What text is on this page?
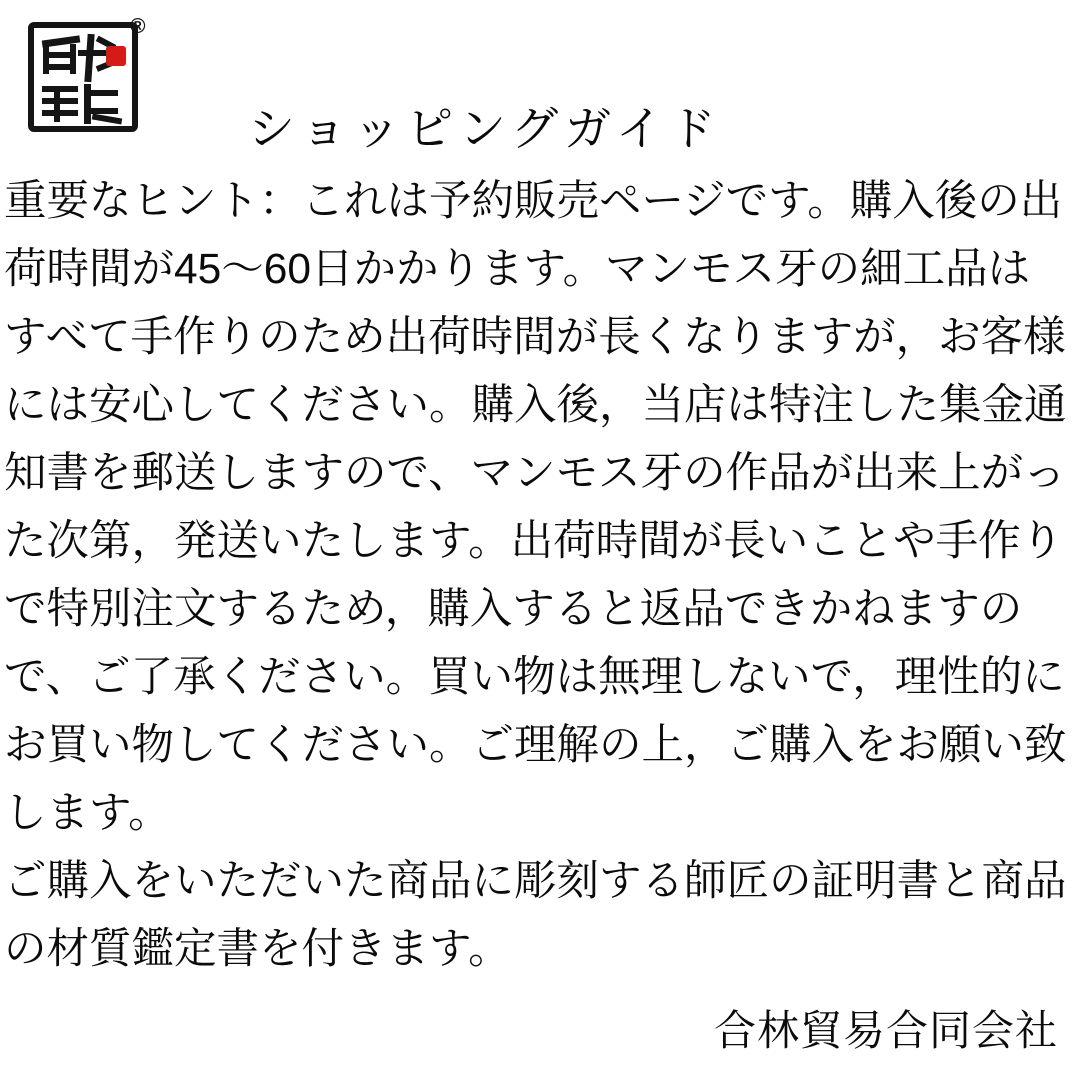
®
ショッピングガイド

重要なヒント：これは予約販売ページです。購入後の出荷時間が45〜60日かかります。マンモス牙の細工品はすべて手作りのため出荷時間が長くなりますが，お客様には安心してください。購入後，当店は特注した集金通知書を郵送しますので、マンモス牙の作品が出来上がった次第，発送いたします。出荷時間が長いことや手作りで特別注文するため，購入すると返品できかねますので、ご了承ください。買い物は無理しないで，理性的にお買い物してください。ご理解の上，ご購入をお願い致します。

ご購入をいただいた商品に彫刻する師匠の証明書と商品の材質鑑定書を付きます。

合林貿易合同会社
